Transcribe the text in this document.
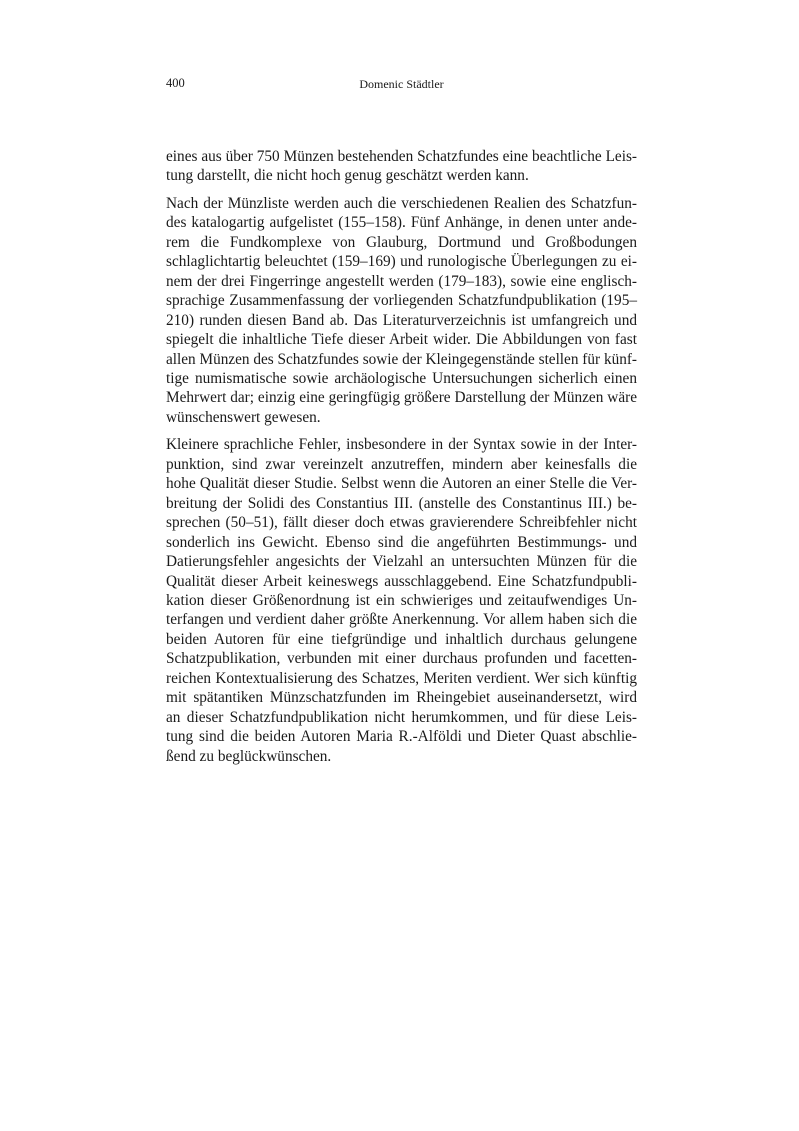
400	Domenic Städtler
eines aus über 750 Münzen bestehenden Schatzfundes eine beachtliche Leis-
tung darstellt, die nicht hoch genug geschätzt werden kann.
Nach der Münzliste werden auch die verschiedenen Realien des Schatzfun-
des katalogartig aufgelistet (155–158). Fünf Anhänge, in denen unter ande-
rem die Fundkomplexe von Glauburg, Dortmund und Großbodungen
schlaglichtartig beleuchtet (159–169) und runologische Überlegungen zu ei-
nem der drei Fingerringe angestellt werden (179–183), sowie eine englisch-
sprachige Zusammenfassung der vorliegenden Schatzfundpublikation (195–
210) runden diesen Band ab. Das Literaturverzeichnis ist umfangreich und
spiegelt die inhaltliche Tiefe dieser Arbeit wider. Die Abbildungen von fast
allen Münzen des Schatzfundes sowie der Kleingegenstände stellen für künf-
tige numismatische sowie archäologische Untersuchungen sicherlich einen
Mehrwert dar; einzig eine geringfügig größere Darstellung der Münzen wäre
wünschenswert gewesen.
Kleinere sprachliche Fehler, insbesondere in der Syntax sowie in der Inter-
punktion, sind zwar vereinzelt anzutreffen, mindern aber keinesfalls die
hohe Qualität dieser Studie. Selbst wenn die Autoren an einer Stelle die Ver-
breitung der Solidi des Constantius III. (anstelle des Constantinus III.) be-
sprechen (50–51), fällt dieser doch etwas gravierendere Schreibfehler nicht
sonderlich ins Gewicht. Ebenso sind die angeführten Bestimmungs- und
Datierungsfehler angesichts der Vielzahl an untersuchten Münzen für die
Qualität dieser Arbeit keineswegs ausschlaggebend. Eine Schatzfundpubli-
kation dieser Größenordnung ist ein schwieriges und zeitaufwendiges Un-
terfangen und verdient daher größte Anerkennung. Vor allem haben sich die
beiden Autoren für eine tiefgründige und inhaltlich durchaus gelungene
Schatzpublikation, verbunden mit einer durchaus profunden und facetten-
reichen Kontextualisierung des Schatzes, Meriten verdient. Wer sich künftig
mit spätantiken Münzschatzfunden im Rheingebiet auseinandersetzt, wird
an dieser Schatzfundpublikation nicht herumkommen, und für diese Leis-
tung sind die beiden Autoren Maria R.-Alföldi und Dieter Quast abschlie-
ßend zu beglückwünschen.
